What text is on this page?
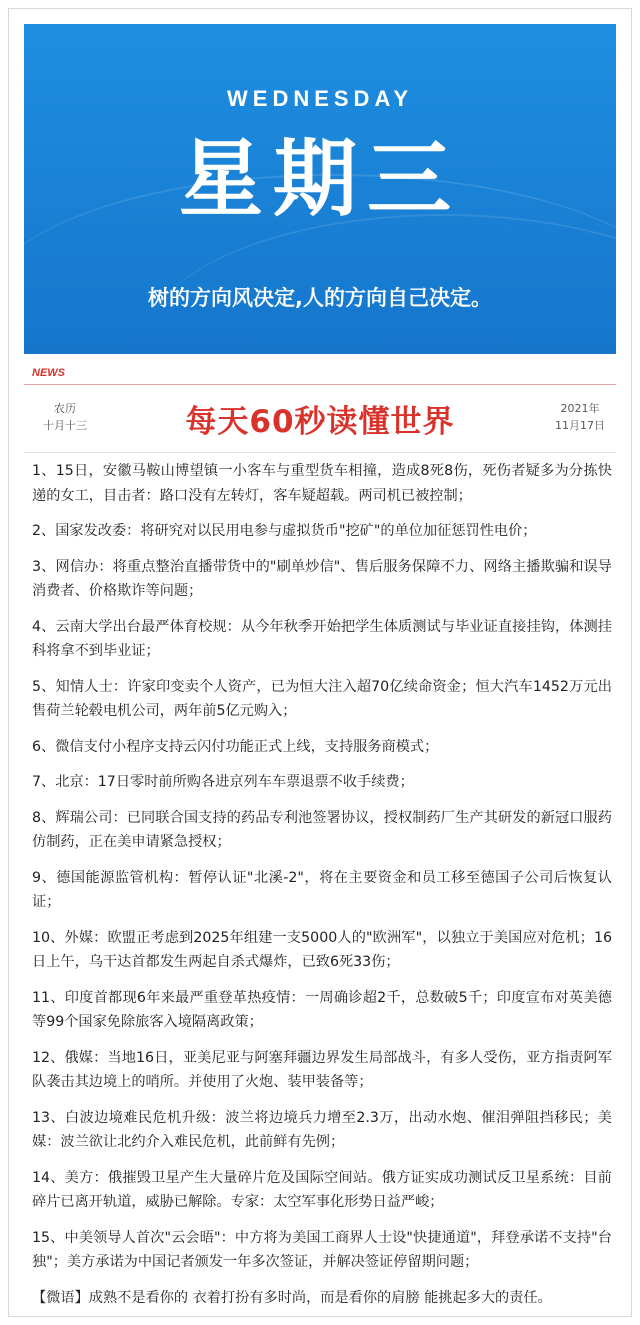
WEDNESDAY
星期三
树的方向风决定,人的方向自己决定。
NEWS
农历
十月十三	每天60秒读懂世界	2021年
11月17日

1、15日，安徽马鞍山博望镇一小客车与重型货车相撞，造成8死8伤，死伤者疑多为分拣快递的女工，目击者：路口没有左转灯，客车疑超载。两司机已被控制；

2、国家发改委：将研究对以民用电参与虚拟货币"挖矿"的单位加征惩罚性电价；

3、网信办：将重点整治直播带货中的"刷单炒信"、售后服务保障不力、网络主播欺骗和误导消费者、价格欺诈等问题；

4、云南大学出台最严体育校规：从今年秋季开始把学生体质测试与毕业证直接挂钩，体测挂科将拿不到毕业证；

5、知情人士：许家印变卖个人资产，已为恒大注入超70亿续命资金；恒大汽车1452万元出售荷兰轮毂电机公司，两年前5亿元购入；

6、微信支付小程序支持云闪付功能正式上线，支持服务商模式；

7、北京：17日零时前所购各进京列车车票退票不收手续费；

8、辉瑞公司：已同联合国支持的药品专利池签署协议，授权制药厂生产其研发的新冠口服药仿制药，正在美申请紧急授权；

9、德国能源监管机构：暂停认证"北溪-2"，将在主要资金和员工移至德国子公司后恢复认证；

10、外媒：欧盟正考虑到2025年组建一支5000人的"欧洲军"，以独立于美国应对危机；16日上午，乌干达首都发生两起自杀式爆炸，已致6死33伤；

11、印度首都现6年来最严重登革热疫情：一周确诊超2千，总数破5千；印度宣布对英美德等99个国家免除旅客入境隔离政策；

12、俄媒：当地16日，亚美尼亚与阿塞拜疆边界发生局部战斗，有多人受伤，亚方指责阿军队袭击其边境上的哨所。并使用了火炮、装甲装备等；

13、白波边境难民危机升级：波兰将边境兵力增至2.3万，出动水炮、催泪弹阻挡移民；美媒：波兰欲让北约介入难民危机，此前鲜有先例；

14、美方：俄摧毁卫星产生大量碎片危及国际空间站。俄方证实成功测试反卫星系统：目前碎片已离开轨道，威胁已解除。专家：太空军事化形势日益严峻；

15、中美领导人首次"云会晤"：中方将为美国工商界人士设"快捷通道"，拜登承诺不支持"台独"；美方承诺为中国记者颁发一年多次签证，并解决签证停留期问题；

【微语】成熟不是看你的 衣着打扮有多时尚，而是看你的肩膀 能挑起多大的责任。
